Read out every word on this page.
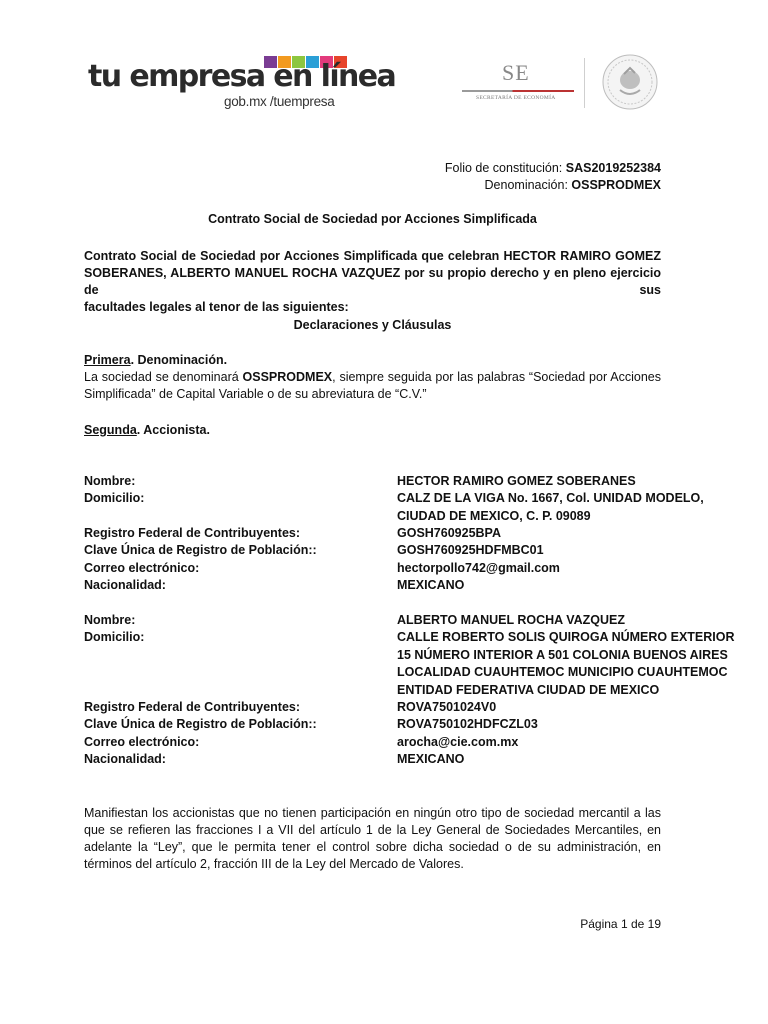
tu empresa en línea
gob.mx /tuempresa
SE
SECRETARÍA DE ECONOMÍA
Folio de constitución: SAS2019252384
Denominación: OSSPRODMEX
Contrato Social de Sociedad por Acciones Simplificada
Contrato Social de Sociedad por Acciones Simplificada que celebran HECTOR RAMIRO GOMEZ
SOBERANES, ALBERTO MANUEL ROCHA VAZQUEZ por su propio derecho y en pleno ejercicio de sus
facultades legales al tenor de las siguientes:
Declaraciones y Cláusulas
Primera. Denominación.

La sociedad se denominará OSSPRODMEX, siempre seguida por las palabras “Sociedad por Acciones
Simplificada” de Capital Variable o de su abreviatura de “C.V.”
Segunda. Accionista.
Nombre:	HECTOR RAMIRO GOMEZ SOBERANES
Domicilio:	CALZ DE LA VIGA No. 1667, Col. UNIDAD MODELO,
CIUDAD DE MEXICO, C. P. 09089
Registro Federal de Contribuyentes:	GOSH760925BPA
Clave Única de Registro de Población::	GOSH760925HDFMBC01
Correo electrónico:	hectorpollo742@gmail.com
Nacionalidad:	MEXICANO
Nombre:	ALBERTO MANUEL ROCHA VAZQUEZ
Domicilio:	CALLE ROBERTO SOLIS QUIROGA NÚMERO EXTERIOR
15 NÚMERO INTERIOR A 501 COLONIA BUENOS AIRES
LOCALIDAD CUAUHTEMOC MUNICIPIO CUAUHTEMOC
ENTIDAD FEDERATIVA CIUDAD DE MEXICO
Registro Federal de Contribuyentes:	ROVA7501024V0
Clave Única de Registro de Población::	ROVA750102HDFCZL03
Correo electrónico:	arocha@cie.com.mx
Nacionalidad:	MEXICANO
Manifiestan los accionistas que no tienen participación en ningún otro tipo de sociedad mercantil a las
que se refieren las fracciones I a VII del artículo 1 de la Ley General de Sociedades Mercantiles, en
adelante la “Ley”, que le permita tener el control sobre dicha sociedad o de su administración, en
términos del artículo 2, fracción III de la Ley del Mercado de Valores.
Página 1 de 19
